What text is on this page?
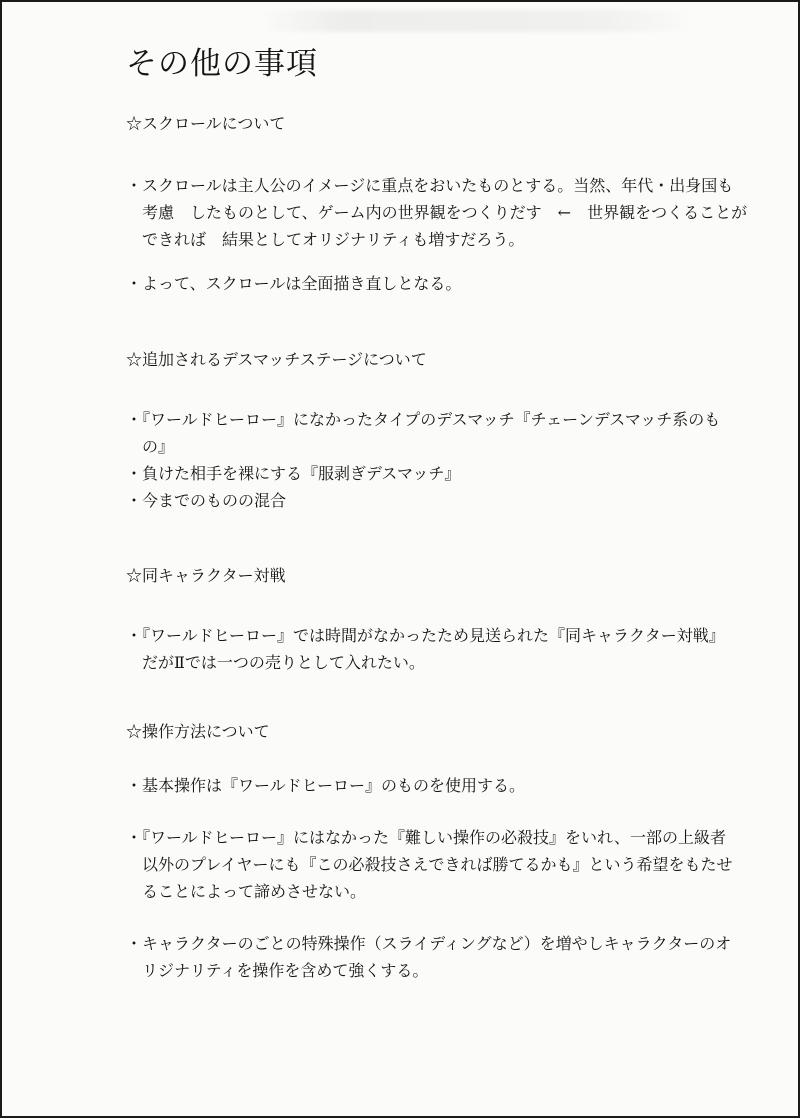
その他の事項
☆スクロールについて
・スクロールは主人公のイメージに重点をおいたものとする。当然、年代・出身国も
考慮　したものとして、ゲーム内の世界観をつくりだす　←　世界観をつくることが
できれば　結果としてオリジナリティも増すだろう。
・よって、スクロールは全面描き直しとなる。
☆追加されるデスマッチステージについて
・『ワールドヒーロー』になかったタイプのデスマッチ『チェーンデスマッチ系のも
の』
・負けた相手を裸にする『服剥ぎデスマッチ』
・今までのものの混合
☆同キャラクター対戦
・『ワールドヒーロー』では時間がなかったため見送られた『同キャラクター対戦』
だがⅡでは一つの売りとして入れたい。
☆操作方法について
・基本操作は『ワールドヒーロー』のものを使用する。
・『ワールドヒーロー』にはなかった『難しい操作の必殺技』をいれ、一部の上級者
以外のプレイヤーにも『この必殺技さえできれば勝てるかも』という希望をもたせ
ることによって諦めさせない。
・キャラクターのごとの特殊操作（スライディングなど）を増やしキャラクターのオ
リジナリティを操作を含めて強くする。
